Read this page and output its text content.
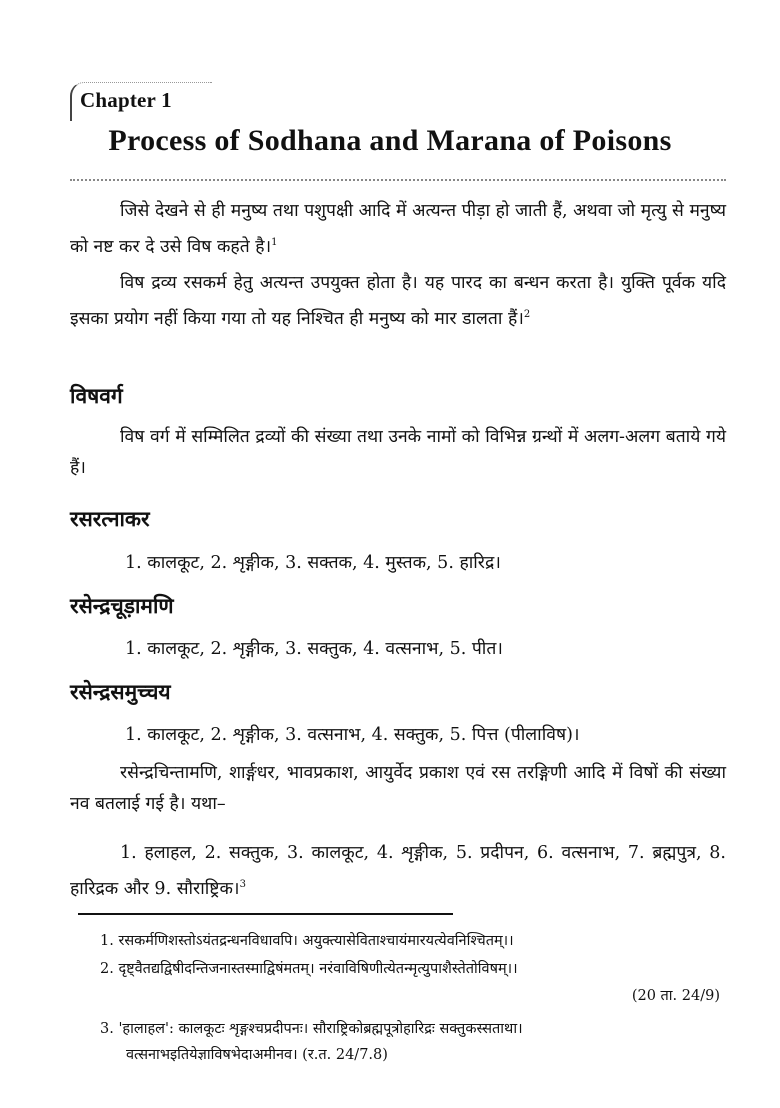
Chapter 1
Process of Sodhana and Marana of Poisons
जिसे देखने से ही मनुष्य तथा पशुपक्षी आदि में अत्यन्त पीड़ा हो जाती हैं, अथवा जो मृत्यु से मनुष्य को नष्ट कर दे उसे विष कहते है।$^1$
विष द्रव्य रसकर्म हेतु अत्यन्त उपयुक्त होता है। यह पारद का बन्धन करता है। युक्ति पूर्वक यदि इसका प्रयोग नहीं किया गया तो यह निश्चित ही मनुष्य को मार डालता हैं।$^2$
विषवर्ग
विष वर्ग में सम्मिलित द्रव्यों की संख्या तथा उनके नामों को विभिन्न ग्रन्थों में अलग-अलग बताये गये हैं।
रसरत्नाकर
1. कालकूट, 2. शृङ्गीक, 3. सक्तक, 4. मुस्तक, 5. हारिद्र।
रसेन्द्रचूड़ामणि
1. कालकूट, 2. शृङ्गीक, 3. सक्तुक, 4. वत्सनाभ, 5. पीत।
रसेन्द्रसमुच्चय
1. कालकूट, 2. शृङ्गीक, 3. वत्सनाभ, 4. सक्तुक, 5. पित्त (पीलाविष)।
रसेन्द्रचिन्तामणि, शार्ङ्गधर, भावप्रकाश, आयुर्वेद प्रकाश एवं रस तरङ्गिणी आदि में विषों की संख्या नव बतलाई गई है। यथा–
1. हलाहल, 2. सक्तुक, 3. कालकूट, 4. शृङ्गीक, 5. प्रदीपन, 6. वत्सनाभ, 7. ब्रह्मपुत्र, 8. हारिद्रक और 9. सौराष्ट्रिक।$^3$
1. रसकर्मणिशस्तोऽयंतद्रन्धनविधावपि। अयुक्त्यासेविताश्चायंमारयत्येवनिश्चितम्।।
2. दृष्ट्वैतद्यद्विषीदन्तिजनास्तस्माद्विषंमतम्। नरंवाविषिणीत्येतन्मृत्युपाशैस्तेतोविषम्।।
(20 ता. 24/9)
3. 'हालाहल': कालकूटः शृङ्गश्चप्रदीपनः। सौराष्ट्रिकोब्रह्मपूत्रोहारिद्रः सक्तुकस्सताथा।
वत्सनाभइतियेज्ञाविषभेदाअमीनव। (र.त. 24/7.8)
